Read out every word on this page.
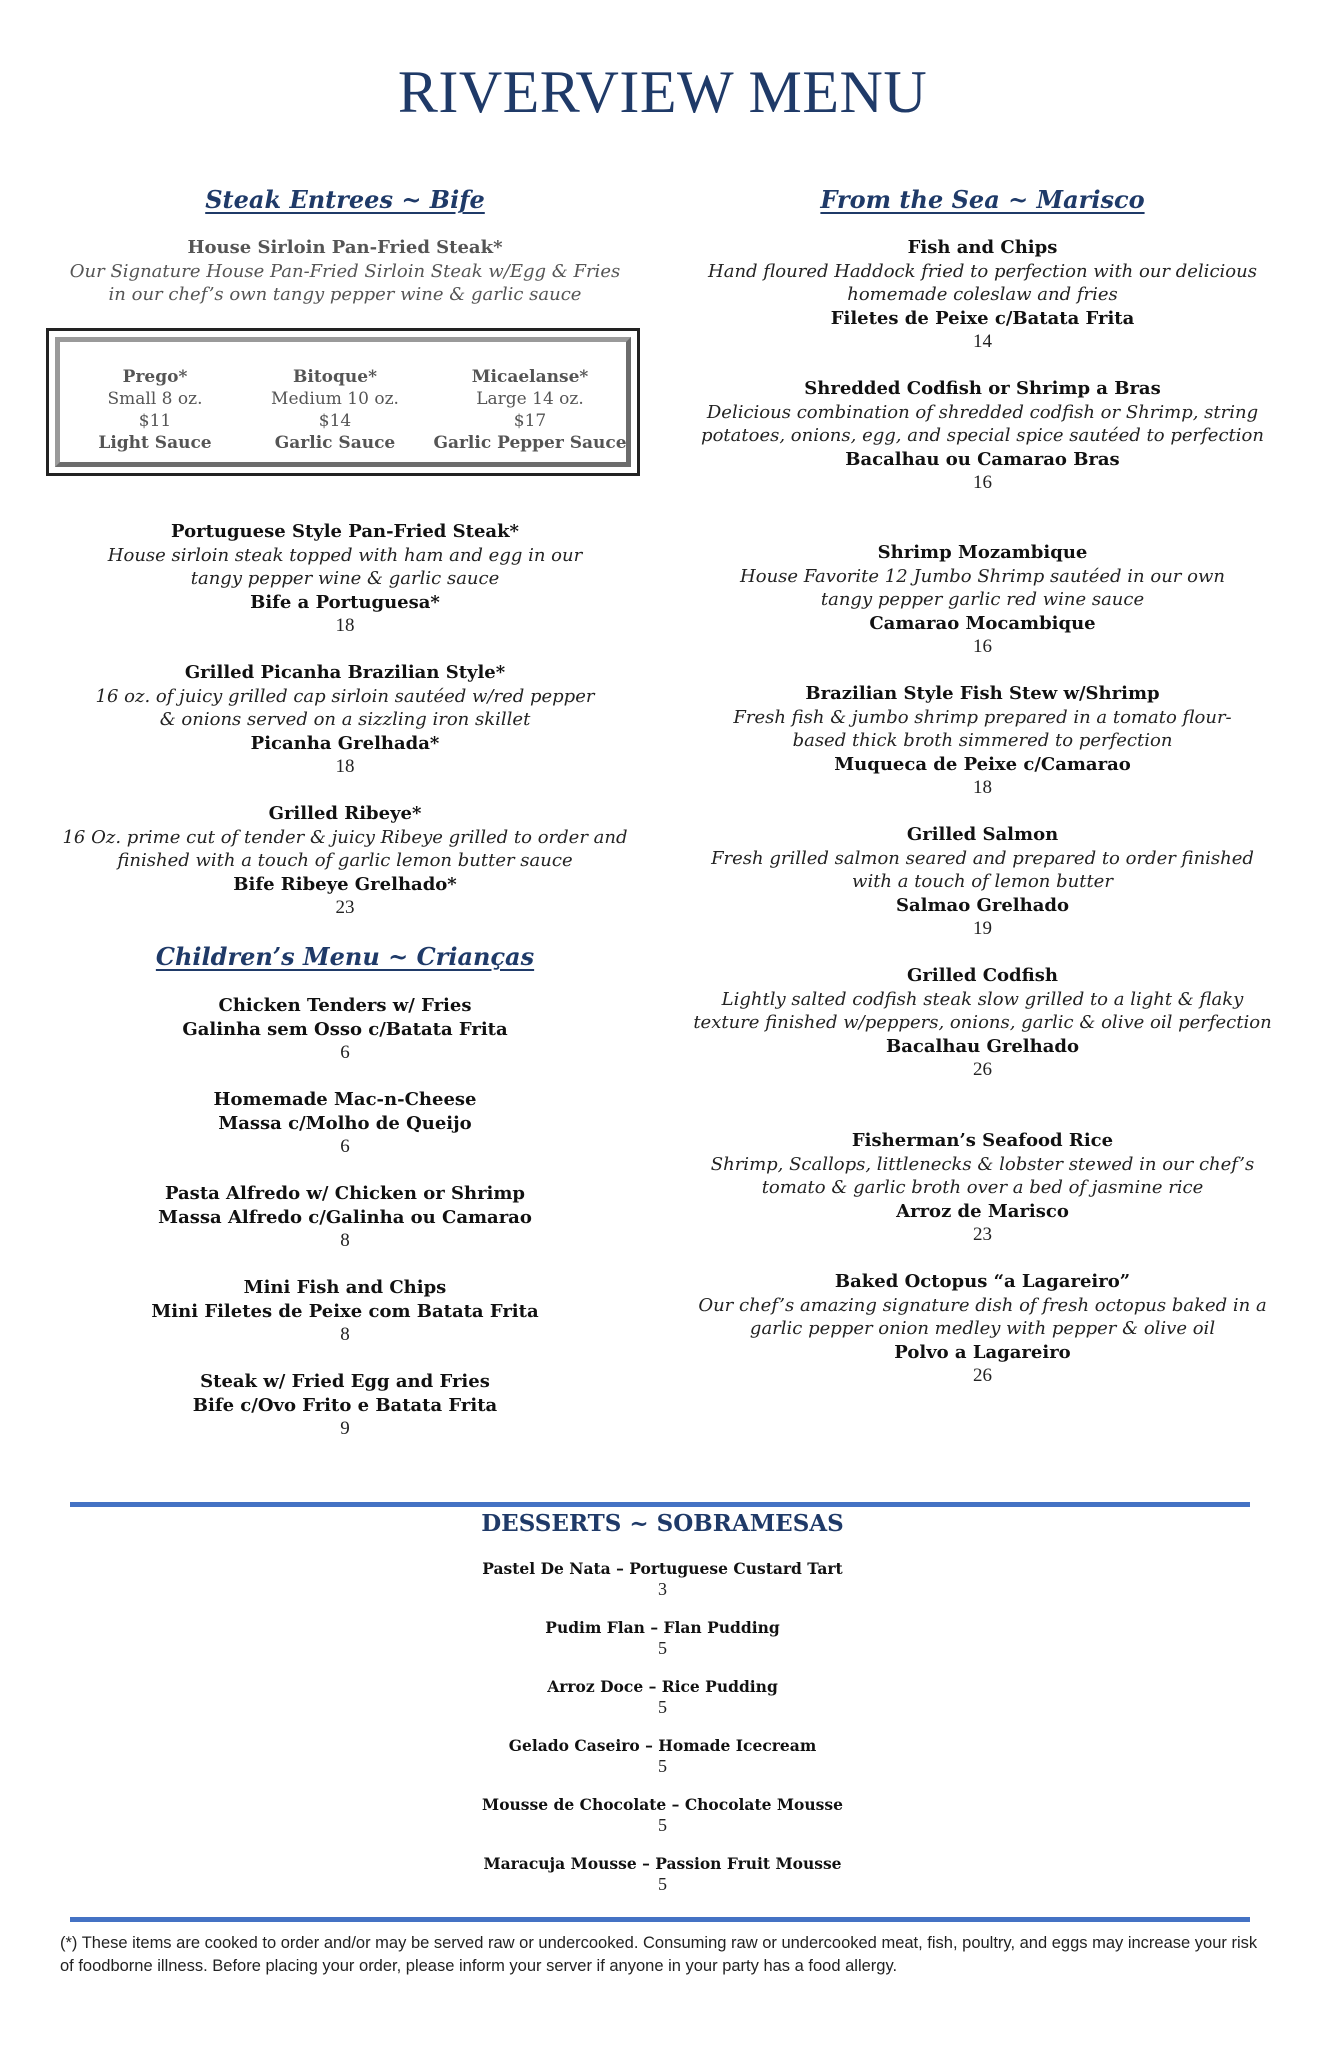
RIVERVIEW MENU
Steak Entrees ~ Bife
House Sirloin Pan-Fried Steak*
Our Signature House Pan-Fried Sirloin Steak w/Egg & Fries in our chef’s own tangy pepper wine & garlic sauce
Prego*
Small 8 oz.
$11
Light Sauce
Bitoque*
Medium 10 oz.
$14
Garlic Sauce
Micaelanse*
Large 14 oz.
$17
Garlic Pepper Sauce
Portuguese Style Pan-Fried Steak*
House sirloin steak topped with ham and egg in our tangy pepper wine & garlic sauce
Bife a Portuguesa*
18
Grilled Picanha Brazilian Style*
16 oz. of juicy grilled cap sirloin sautéed w/red pepper & onions served on a sizzling iron skillet
Picanha Grelhada*
18
Grilled Ribeye*
16 Oz. prime cut of tender & juicy Ribeye grilled to order and finished with a touch of garlic lemon butter sauce
Bife Ribeye Grelhado*
23
Children’s Menu ~ Crianças
Chicken Tenders w/ Fries
Galinha sem Osso c/Batata Frita
6
Homemade Mac-n-Cheese
Massa c/Molho de Queijo
6
Pasta Alfredo w/ Chicken or Shrimp
Massa Alfredo c/Galinha ou Camarao
8
Mini Fish and Chips
Mini Filetes de Peixe com Batata Frita
8
Steak w/ Fried Egg and Fries
Bife c/Ovo Frito e Batata Frita
9
From the Sea ~ Marisco
Fish and Chips
Hand floured Haddock fried to perfection with our delicious homemade coleslaw and fries
Filetes de Peixe c/Batata Frita
14
Shredded Codfish or Shrimp a Bras
Delicious combination of shredded codfish or Shrimp, string potatoes, onions, egg, and special spice sautéed to perfection
Bacalhau ou Camarao Bras
16
Shrimp Mozambique
House Favorite 12 Jumbo Shrimp sautéed in our own tangy pepper garlic red wine sauce
Camarao Mocambique
16
Brazilian Style Fish Stew w/Shrimp
Fresh fish & jumbo shrimp prepared in a tomato flour-based thick broth simmered to perfection
Muqueca de Peixe c/Camarao
18
Grilled Salmon
Fresh grilled salmon seared and prepared to order finished with a touch of lemon butter
Salmao Grelhado
19
Grilled Codfish
Lightly salted codfish steak slow grilled to a light & flaky texture finished w/peppers, onions, garlic & olive oil perfection
Bacalhau Grelhado
26
Fisherman’s Seafood Rice
Shrimp, Scallops, littlenecks & lobster stewed in our chef’s tomato & garlic broth over a bed of jasmine rice
Arroz de Marisco
23
Baked Octopus “a Lagareiro”
Our chef’s amazing signature dish of fresh octopus baked in a garlic pepper onion medley with pepper & olive oil
Polvo a Lagareiro
26
DESSERTS ~ SOBRAMESAS
Pastel De Nata – Portuguese Custard Tart
3
Pudim Flan – Flan Pudding
5
Arroz Doce – Rice Pudding
5
Gelado Caseiro – Homade Icecream
5
Mousse de Chocolate – Chocolate Mousse
5
Maracuja Mousse – Passion Fruit Mousse
5
(*) These items are cooked to order and/or may be served raw or undercooked. Consuming raw or undercooked meat, fish, poultry, and eggs may increase your risk of foodborne illness. Before placing your order, please inform your server if anyone in your party has a food allergy.
